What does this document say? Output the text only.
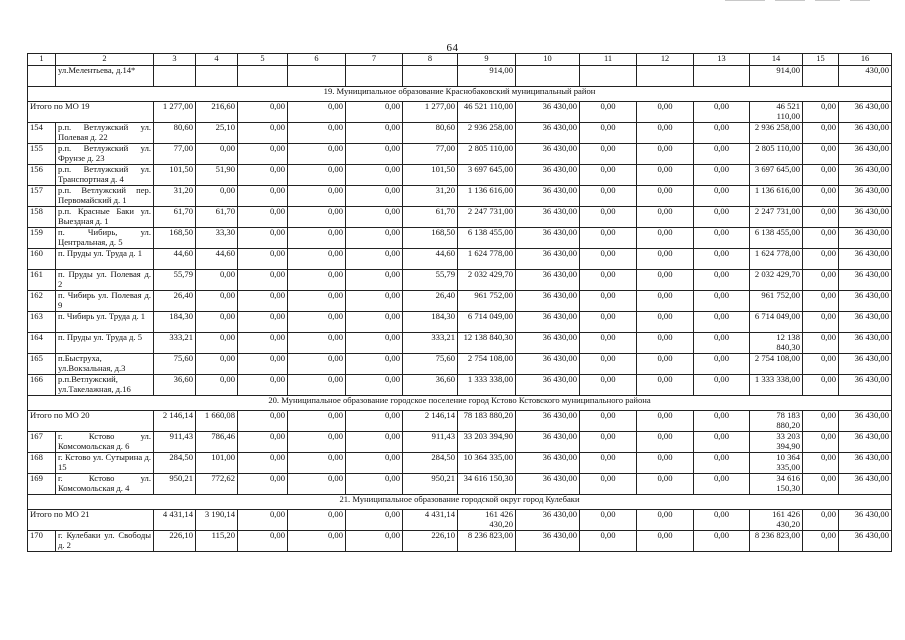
64
1	2	3	4	5	6	7	8	9	10	11	12	13	14	15	16
	ул.Мелентьева, д.14*							914,00					914,00		430,00
19. Муниципальное образование Краснобаковский муниципальный район															
Итого по МО 19		1 277,00	216,60	0,00	0,00	0,00	1 277,00	46 521 110,00	36 430,00	0,00	0,00	0,00	46 521 110,00	0,00	36 430,00
154	р.п. Ветлужский ул. Полевая д. 22	80,60	25,10	0,00	0,00	0,00	80,60	2 936 258,00	36 430,00	0,00	0,00	0,00	2 936 258,00	0,00	36 430,00
155	р.п. Ветлужский ул. Фрунзе д. 23	77,00	0,00	0,00	0,00	0,00	77,00	2 805 110,00	36 430,00	0,00	0,00	0,00	2 805 110,00	0,00	36 430,00
156	р.п. Ветлужский ул. Транспортная д. 4	101,50	51,90	0,00	0,00	0,00	101,50	3 697 645,00	36 430,00	0,00	0,00	0,00	3 697 645,00	0,00	36 430,00
157	р.п. Ветлужский пер. Первомайский д. 1	31,20	0,00	0,00	0,00	0,00	31,20	1 136 616,00	36 430,00	0,00	0,00	0,00	1 136 616,00	0,00	36 430,00
158	р.п. Красные Баки ул. Выездная д. 1	61,70	61,70	0,00	0,00	0,00	61,70	2 247 731,00	36 430,00	0,00	0,00	0,00	2 247 731,00	0,00	36 430,00
159	п. Чибирь, ул. Центральная, д. 5	168,50	33,30	0,00	0,00	0,00	168,50	6 138 455,00	36 430,00	0,00	0,00	0,00	6 138 455,00	0,00	36 430,00
160	п. Пруды ул. Труда д. 1	44,60	44,60	0,00	0,00	0,00	44,60	1 624 778,00	36 430,00	0,00	0,00	0,00	1 624 778,00	0,00	36 430,00
161	п. Пруды ул. Полевая д. 2	55,79	0,00	0,00	0,00	0,00	55,79	2 032 429,70	36 430,00	0,00	0,00	0,00	2 032 429,70	0,00	36 430,00
162	п. Чибирь ул. Полевая д. 9	26,40	0,00	0,00	0,00	0,00	26,40	961 752,00	36 430,00	0,00	0,00	0,00	961 752,00	0,00	36 430,00
163	п. Чибирь ул. Труда д. 1	184,30	0,00	0,00	0,00	0,00	184,30	6 714 049,00	36 430,00	0,00	0,00	0,00	6 714 049,00	0,00	36 430,00
164	п. Пруды ул. Труда д. 5	333,21	0,00	0,00	0,00	0,00	333,21	12 138 840,30	36 430,00	0,00	0,00	0,00	12 138 840,30	0,00	36 430,00
165	п.Быструха, ул.Вокзальная, д.3	75,60	0,00	0,00	0,00	0,00	75,60	2 754 108,00	36 430,00	0,00	0,00	0,00	2 754 108,00	0,00	36 430,00
166	р.п.Ветлужский, ул.Такелажная, д.16	36,60	0,00	0,00	0,00	0,00	36,60	1 333 338,00	36 430,00	0,00	0,00	0,00	1 333 338,00	0,00	36 430,00
20. Муниципальное образование городское поселение город Кстово Кстовского муниципального района															
Итого по МО 20		2 146,14	1 660,08	0,00	0,00	0,00	2 146,14	78 183 880,20	36 430,00	0,00	0,00	0,00	78 183 880,20	0,00	36 430,00
167	г. Кстово ул. Комсомольская д. 6	911,43	786,46	0,00	0,00	0,00	911,43	33 203 394,90	36 430,00	0,00	0,00	0,00	33 203 394,90	0,00	36 430,00
168	г. Кстово ул. Сутырина д. 15	284,50	101,00	0,00	0,00	0,00	284,50	10 364 335,00	36 430,00	0,00	0,00	0,00	10 364 335,00	0,00	36 430,00
169	г. Кстово ул. Комсомольская д. 4	950,21	772,62	0,00	0,00	0,00	950,21	34 616 150,30	36 430,00	0,00	0,00	0,00	34 616 150,30	0,00	36 430,00
21. Муниципальное образование городской округ город Кулебаки															
Итого по МО 21		4 431,14	3 190,14	0,00	0,00	0,00	4 431,14	161 426 430,20	36 430,00	0,00	0,00	0,00	161 426 430,20	0,00	36 430,00
170	г. Кулебаки ул. Свободы д. 2	226,10	115,20	0,00	0,00	0,00	226,10	8 236 823,00	36 430,00	0,00	0,00	0,00	8 236 823,00	0,00	36 430,00
